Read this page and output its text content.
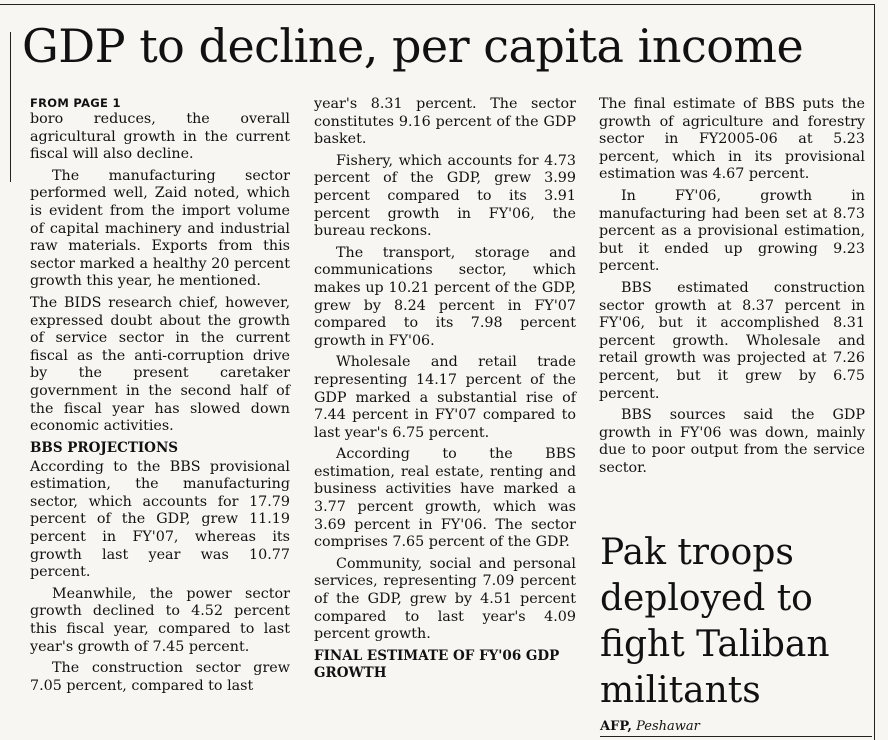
GDP to decline, per capita income
FROM PAGE 1

boro reduces, the overall agricultural growth in the current fiscal will also decline.

The manufacturing sector performed well, Zaid noted, which is evident from the import volume of capital machinery and industrial raw materials. Exports from this sector marked a healthy 20 percent growth this year, he mentioned.

The BIDS research chief, however, expressed doubt about the growth of service sector in the current fiscal as the anti-corruption drive by the present caretaker government in the second half of the fiscal year has slowed down economic activities.

BBS PROJECTIONS

According to the BBS provisional estimation, the manufacturing sector, which accounts for 17.79 percent of the GDP, grew 11.19 percent in FY'07, whereas its growth last year was 10.77 percent.

Meanwhile, the power sector growth declined to 4.52 percent this fiscal year, compared to last year's growth of 7.45 percent.

The construction sector grew 7.05 percent, compared to last

year's 8.31 percent. The sector constitutes 9.16 percent of the GDP basket.

Fishery, which accounts for 4.73 percent of the GDP, grew 3.99 percent compared to its 3.91 percent growth in FY'06, the bureau reckons.

The transport, storage and communications sector, which makes up 10.21 percent of the GDP, grew by 8.24 percent in FY'07 compared to its 7.98 percent growth in FY'06.

Wholesale and retail trade representing 14.17 percent of the GDP marked a substantial rise of 7.44 percent in FY'07 compared to last year's 6.75 percent.

According to the BBS estimation, real estate, renting and business activities have marked a 3.77 percent growth, which was 3.69 percent in FY'06. The sector comprises 7.65 percent of the GDP.

Community, social and personal services, representing 7.09 percent of the GDP, grew by 4.51 percent compared to last year's 4.09 percent growth.

FINAL ESTIMATE OF FY'06 GDP GROWTH

The final estimate of BBS puts the growth of agriculture and forestry sector in FY2005-06 at 5.23 percent, which in its provisional estimation was 4.67 percent.

In FY'06, growth in manufacturing had been set at 8.73 percent as a provisional estimation, but it ended up growing 9.23 percent.

BBS estimated construction sector growth at 8.37 percent in FY'06, but it accomplished 8.31 percent growth. Wholesale and retail growth was projected at 7.26 percent, but it grew by 6.75 percent.

BBS sources said the GDP growth in FY'06 was down, mainly due to poor output from the service sector.

Pak troops deployed to fight Taliban militants
AFP, Peshawar
